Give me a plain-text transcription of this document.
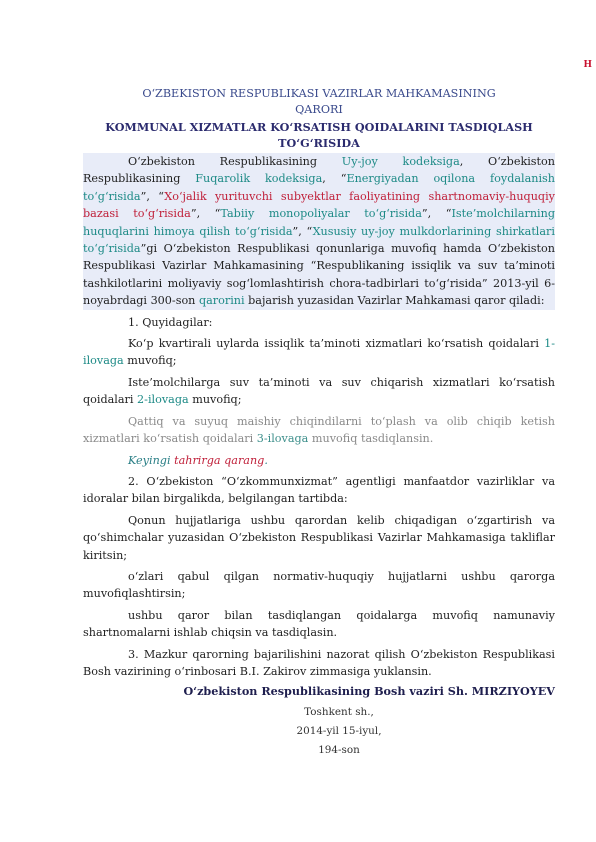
H
O‘ZBEKISTON RESPUBLIKASI VAZIRLAR MAHKAMASINING
QARORI
KOMMUNAL XIZMATLAR KO‘RSATISH QOIDALARINI TASDIQLASH
TO‘G‘RISIDA

O‘zbekiston Respublikasining Uy-joy kodeksiga, O‘zbekiston Respublikasining Fuqarolik kodeksiga, “Energiyadan oqilona foydalanish to‘g‘risida”, “Xo‘jalik yurituvchi subyektlar faoliyatining shartnomaviy-huquqiy bazasi to‘g‘risida”, “Tabiiy monopoliyalar to‘g‘risida”, “Iste’molchilarning huquqlarini himoya qilish to‘g‘risida”, “Xususiy uy-joy mulkdorlarining shirkatlari to‘g‘risida”gi O‘zbekiston Respublikasi qonunlariga muvofiq hamda O‘zbekiston Respublikasi Vazirlar Mahkamasining “Respublikaning issiqlik va suv ta’minoti tashkilotlarini moliyaviy sog‘lomlashtirish chora-tadbirlari to‘g‘risida” 2013-yil 6-noyabrdagi 300-son qarorini bajarish yuzasidan Vazirlar Mahkamasi qaror qiladi:

1. Quyidagilar:

Ko‘p kvartirali uylarda issiqlik ta’minoti xizmatlari ko‘rsatish qoidalari 1-ilovaga muvofiq;

Iste’molchilarga suv ta’minoti va suv chiqarish xizmatlari ko‘rsatish qoidalari 2-ilovaga muvofiq;

Qattiq va suyuq maishiy chiqindilarni to‘plash va olib chiqib ketish xizmatlari ko‘rsatish qoidalari 3-ilovaga muvofiq tasdiqlansin.

Keyingi tahrirga qarang.

2. O‘zbekiston “O‘zkommunxizmat” agentligi manfaatdor vazirliklar va idoralar bilan birgalikda, belgilangan tartibda:

Qonun hujjatlariga ushbu qarordan kelib chiqadigan o‘zgartirish va qo‘shimchalar yuzasidan O‘zbekiston Respublikasi Vazirlar Mahkamasiga takliflar kiritsin;

o‘zlari qabul qilgan normativ-huquqiy hujjatlarni ushbu qarorga muvofiqlashtirsin;

ushbu qaror bilan tasdiqlangan qoidalarga muvofiq namunaviy shartnomalarni ishlab chiqsin va tasdiqlasin.

3. Mazkur qarorning bajarilishini nazorat qilish O‘zbekiston Respublikasi Bosh vazirining o‘rinbosari B.I. Zakirov zimmasiga yuklansin.

O‘zbekiston Respublikasining Bosh vaziri Sh. MIRZIYOYEV

Toshkent sh.,
2014-yil 15-iyul,
194-son
